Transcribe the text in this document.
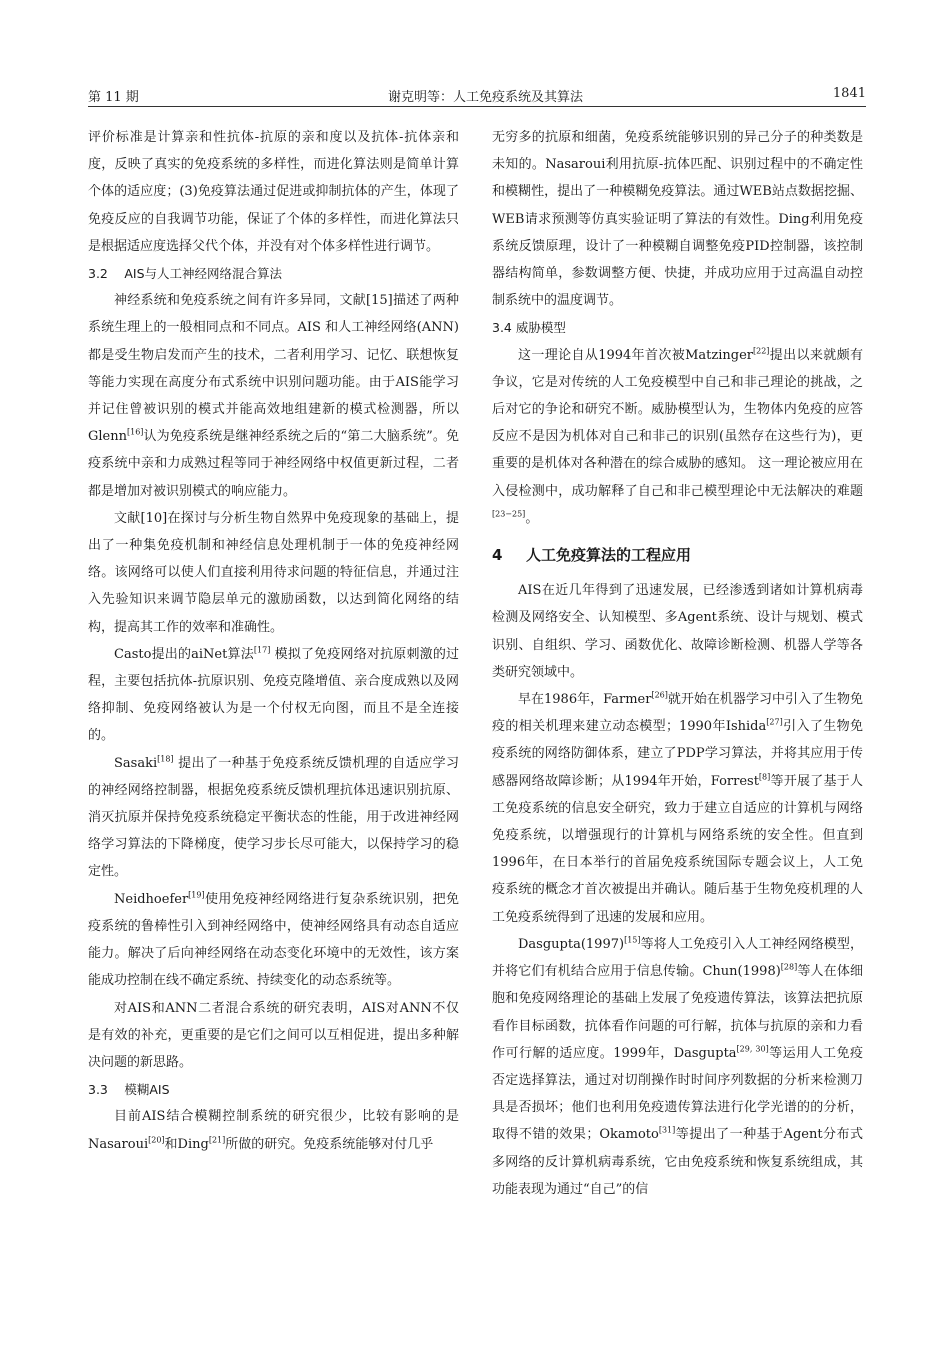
第 11 期	谢克明等：人工免疫系统及其算法	1841

评价标准是计算亲和性抗体-抗原的亲和度以及抗体-抗体亲和度，反映了真实的免疫系统的多样性，而进化算法则是简单计算个体的适应度；(3)免疫算法通过促进或抑制抗体的产生，体现了免疫反应的自我调节功能，保证了个体的多样性，而进化算法只是根据适应度选择父代个体，并没有对个体多样性进行调节。

3.2　 AIS与人工神经网络混合算法

神经系统和免疫系统之间有许多异同，文献[15]描述了两种系统生理上的一般相同点和不同点。AIS 和人工神经网络(ANN)都是受生物启发而产生的技术，二者利用学习、记忆、联想恢复等能力实现在高度分布式系统中识别问题功能。由于AIS能学习并记住曾被识别的模式并能高效地组建新的模式检测器，所以Glenn[16]认为免疫系统是继神经系统之后的“第二大脑系统”。免疫系统中亲和力成熟过程等同于神经网络中权值更新过程，二者都是增加对被识别模式的响应能力。

文献[10]在探讨与分析生物自然界中免疫现象的基础上，提出了一种集免疫机制和神经信息处理机制于一体的免疫神经网络。该网络可以使人们直接利用待求问题的特征信息，并通过注入先验知识来调节隐层单元的激励函数，以达到简化网络的结构，提高其工作的效率和准确性。

Casto提出的aiNet算法[17] 模拟了免疫网络对抗原刺激的过程，主要包括抗体-抗原识别、免疫克隆增值、亲合度成熟以及网络抑制、免疫网络被认为是一个付权无向图，而且不是全连接的。

Sasaki[18] 提出了一种基于免疫系统反馈机理的自适应学习的神经网络控制器，根据免疫系统反馈机理抗体迅速识别抗原、消灭抗原并保持免疫系统稳定平衡状态的性能，用于改进神经网络学习算法的下降梯度，使学习步长尽可能大，以保持学习的稳定性。

Neidhoefer[19]使用免疫神经网络进行复杂系统识别，把免疫系统的鲁棒性引入到神经网络中，使神经网络具有动态自适应能力。解决了后向神经网络在动态变化环境中的无效性，该方案能成功控制在线不确定系统、持续变化的动态系统等。

对AIS和ANN二者混合系统的研究表明，AIS对ANN不仅是有效的补充，更重要的是它们之间可以互相促进，提出多种解决问题的新思路。

3.3　 模糊AIS

目前AIS结合模糊控制系统的研究很少，比较有影响的是Nasaroui[20]和Ding[21]所做的研究。免疫系统能够对付几乎

无穷多的抗原和细菌，免疫系统能够识别的异己分子的种类数是未知的。Nasaroui利用抗原-抗体匹配、识别过程中的不确定性和模糊性，提出了一种模糊免疫算法。通过WEB站点数据挖掘、WEB请求预测等仿真实验证明了算法的有效性。Ding利用免疫系统反馈原理，设计了一种模糊自调整免疫PID控制器，该控制器结构简单，参数调整方便、快捷，并成功应用于过高温自动控制系统中的温度调节。

3.4 威胁模型

这一理论自从1994年首次被Matzinger[22]提出以来就颇有争议，它是对传统的人工免疫模型中自己和非己理论的挑战，之后对它的争论和研究不断。威胁模型认为，生物体内免疫的应答反应不是因为机体对自己和非己的识别(虽然存在这些行为)，更重要的是机体对各种潜在的综合威胁的感知。 这一理论被应用在入侵检测中，成功解释了自己和非己模型理论中无法解决的难题[23−25]。

4 人工免疫算法的工程应用

AIS在近几年得到了迅速发展，已经渗透到诸如计算机病毒检测及网络安全、认知模型、多Agent系统、设计与规划、模式识别、自组织、学习、函数优化、故障诊断检测、机器人学等各类研究领域中。

早在1986年，Farmer[26]就开始在机器学习中引入了生物免疫的相关机理来建立动态模型；1990年Ishida[27]引入了生物免疫系统的网络防御体系，建立了PDP学习算法，并将其应用于传感器网络故障诊断；从1994年开始，Forrest[8]等开展了基于人工免疫系统的信息安全研究，致力于建立自适应的计算机与网络免疫系统，以增强现行的计算机与网络系统的安全性。但直到1996年，在日本举行的首届免疫系统国际专题会议上，人工免疫系统的概念才首次被提出并确认。随后基于生物免疫机理的人工免疫系统得到了迅速的发展和应用。

Dasgupta(1997)[15]等将人工免疫引入人工神经网络模型，并将它们有机结合应用于信息传输。Chun(1998)[28]等人在体细胞和免疫网络理论的基础上发展了免疫遗传算法，该算法把抗原看作目标函数，抗体看作问题的可行解，抗体与抗原的亲和力看作可行解的适应度。1999年，Dasgupta[29, 30]等运用人工免疫否定选择算法，通过对切削操作时时间序列数据的分析来检测刀具是否损坏；他们也利用免疫遗传算法进行化学光谱的的分析，取得不错的效果；Okamoto[31]等提出了一种基于Agent分布式多网络的反计算机病毒系统，它由免疫系统和恢复系统组成，其功能表现为通过“自己”的信
